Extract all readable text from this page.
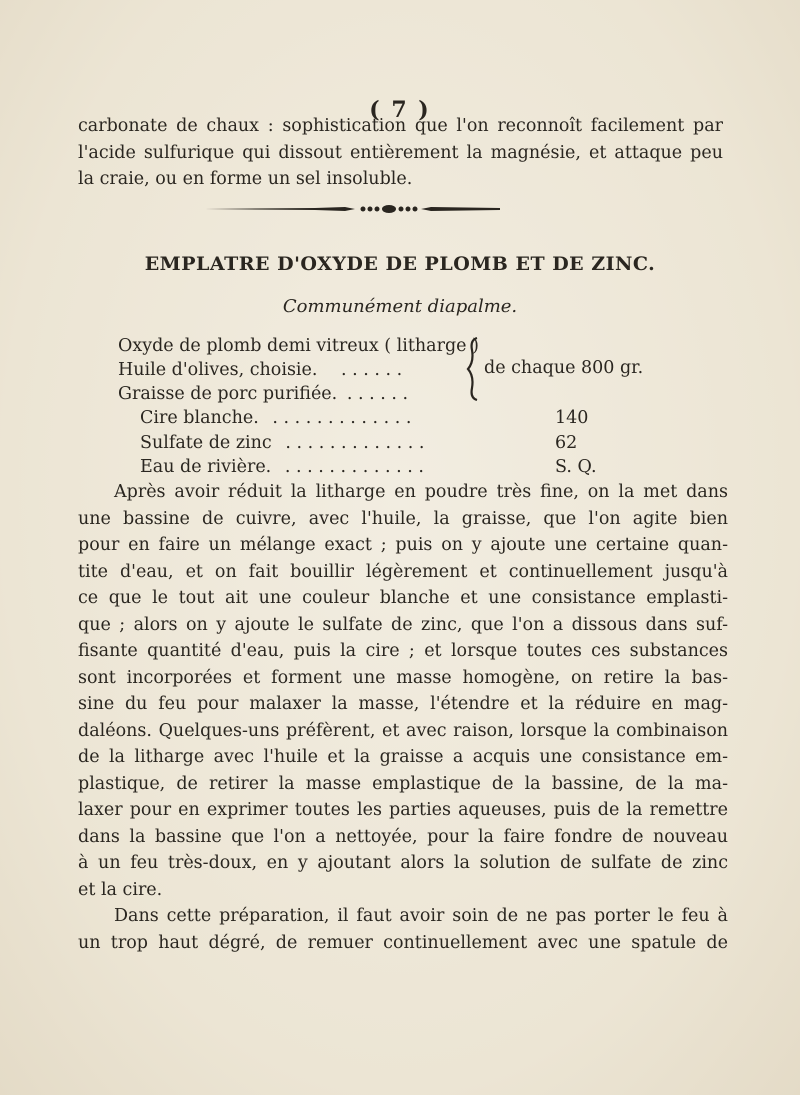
( 7 )
carbonate de chaux : sophistication que l'on reconnoît facilement par
l'acide sulfurique qui dissout entièrement la magnésie, et attaque peu
la craie, ou en forme un sel insoluble.
EMPLATRE D'OXYDE DE PLOMB ET DE ZINC.
Communément diapalme.
Oxyde de plomb demi vitreux ( litharge )
Huile d'olives, choisie. . . . . . .
Graisse de porc purifiée. . . . . . .
de chaque 800 gr.
Cire blanche. . . . . . . . . . . . . .	140
Sulfate de zinc . . . . . . . . . . . . .	62
Eau de rivière. . . . . . . . . . . . . .	S. Q.
Après avoir réduit la litharge en poudre très fine, on la met dans
une bassine de cuivre, avec l'huile, la graisse, que l'on agite bien
pour en faire un mélange exact ; puis on y ajoute une certaine quan-
tite d'eau, et on fait bouillir légèrement et continuellement jusqu'à
ce que le tout ait une couleur blanche et une consistance emplasti-
que ; alors on y ajoute le sulfate de zinc, que l'on a dissous dans suf-
fisante quantité d'eau, puis la cire ; et lorsque toutes ces substances
sont incorporées et forment une masse homogène, on retire la bas-
sine du feu pour malaxer la masse, l'étendre et la réduire en mag-
daléons. Quelques-uns préfèrent, et avec raison, lorsque la combinaison
de la litharge avec l'huile et la graisse a acquis une consistance em-
plastique, de retirer la masse emplastique de la bassine, de la ma-
laxer pour en exprimer toutes les parties aqueuses, puis de la remettre
dans la bassine que l'on a nettoyée, pour la faire fondre de nouveau
à un feu très-doux, en y ajoutant alors la solution de sulfate de zinc
et la cire.
Dans cette préparation, il faut avoir soin de ne pas porter le feu à
un trop haut dégré, de remuer continuellement avec une spatule de
